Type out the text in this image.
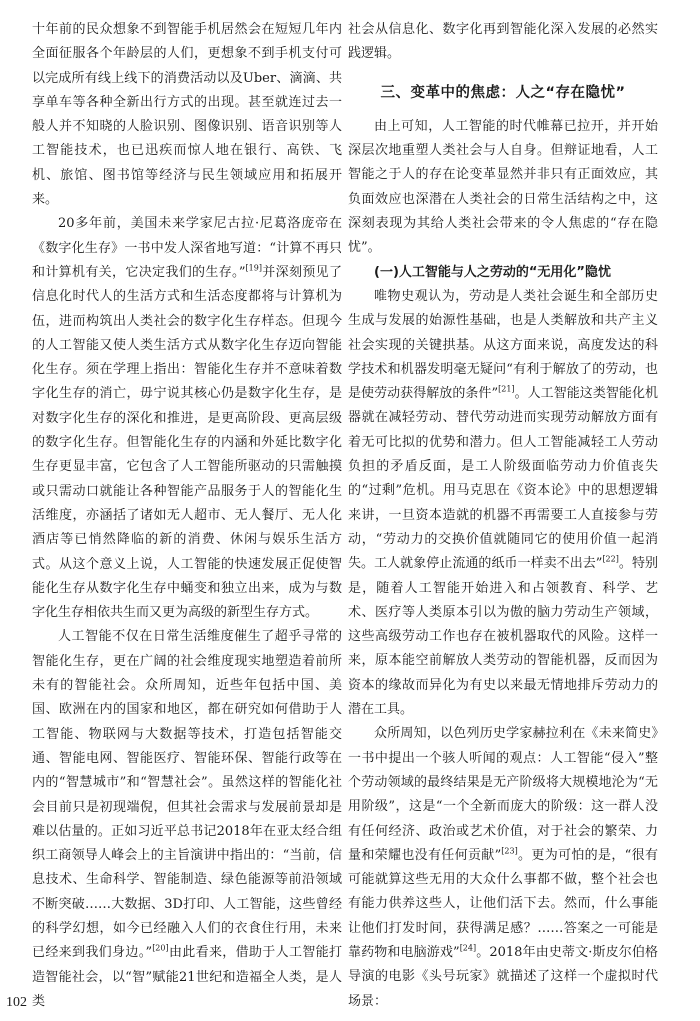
十年前的民众想象不到智能手机居然会在短短几年内全面征服各个年龄层的人们，更想象不到手机支付可以完成所有线上线下的消费活动以及Uber、滴滴、共享单车等各种全新出行方式的出现。甚至就连过去一般人并不知晓的人脸识别、图像识别、语音识别等人工智能技术，也已迅疾而惊人地在银行、高铁、飞机、旅馆、图书馆等经济与民生领域应用和拓展开来。

20多年前，美国未来学家尼古拉·尼葛洛庞帝在《数字化生存》一书中发人深省地写道：“计算不再只和计算机有关，它决定我们的生存。”[19]并深刻预见了信息化时代人的生活方式和生活态度都将与计算机为伍，进而构筑出人类社会的数字化生存样态。但现今的人工智能又使人类生活方式从数字化生存迈向智能化生存。须在学理上指出：智能化生存并不意味着数字化生存的消亡，毋宁说其核心仍是数字化生存，是对数字化生存的深化和推进，是更高阶段、更高层级的数字化生存。但智能化生存的内涵和外延比数字化生存更显丰富，它包含了人工智能所驱动的只需触摸或只需动口就能让各种智能产品服务于人的智能化生活维度，亦涵括了诸如无人超市、无人餐厅、无人化酒店等已悄然降临的新的消费、休闲与娱乐生活方式。从这个意义上说，人工智能的快速发展正促使智能化生存从数字化生存中蛹变和独立出来，成为与数字化生存相依共生而又更为高级的新型生存方式。

人工智能不仅在日常生活维度催生了超乎寻常的智能化生存，更在广阔的社会维度现实地塑造着前所未有的智能社会。众所周知，近些年包括中国、美国、欧洲在内的国家和地区，都在研究如何借助于人工智能、物联网与大数据等技术，打造包括智能交通、智能电网、智能医疗、智能环保、智能行政等在内的“智慧城市”和“智慧社会”。虽然这样的智能化社会目前只是初现端倪，但其社会需求与发展前景却是难以估量的。正如习近平总书记2018年在亚太经合组织工商领导人峰会上的主旨演讲中指出的：“当前，信息技术、生命科学、智能制造、绿色能源等前沿领域不断突破……大数据、3D打印、人工智能，这些曾经的科学幻想，如今已经融入人们的衣食住行用，未来已经来到我们身边。”[20]由此看来，借助于人工智能打造智能社会，以“智”赋能21世纪和造福全人类，是人类

社会从信息化、数字化再到智能化深入发展的必然实践逻辑。

三、变革中的焦虑：人之“存在隐忧”

由上可知，人工智能的时代帷幕已拉开，并开始深层次地重塑人类社会与人自身。但辩证地看，人工智能之于人的存在论变革显然并非只有正面效应，其负面效应也深潜在人类社会的日常生活结构之中，这深刻表现为其给人类社会带来的令人焦虑的“存在隐忧”。

(一)人工智能与人之劳动的“无用化”隐忧

唯物史观认为，劳动是人类社会诞生和全部历史生成与发展的始源性基础，也是人类解放和共产主义社会实现的关键拱基。从这方面来说，高度发达的科学技术和机器发明毫无疑问“有利于解放了的劳动，也是使劳动获得解放的条件”[21]。人工智能这类智能化机器就在减轻劳动、替代劳动进而实现劳动解放方面有着无可比拟的优势和潜力。但人工智能减轻工人劳动负担的矛盾反面，是工人阶级面临劳动力价值丧失的“过剩”危机。用马克思在《资本论》中的思想逻辑来讲，一旦资本造就的机器不再需要工人直接参与劳动，“劳动力的交换价值就随同它的使用价值一起消失。工人就象停止流通的纸币一样卖不出去”[22]。特别是，随着人工智能开始进入和占领教育、科学、艺术、医疗等人类原本引以为傲的脑力劳动生产领域，这些高级劳动工作也存在被机器取代的风险。这样一来，原本能空前解放人类劳动的智能机器，反而因为资本的缘故而异化为有史以来最无情地排斥劳动力的潜在工具。

众所周知，以色列历史学家赫拉利在《未来简史》一书中提出一个骇人听闻的观点：人工智能“侵入”整个劳动领域的最终结果是无产阶级将大规模地沦为“无用阶级”，这是“一个全新而庞大的阶级：这一群人没有任何经济、政治或艺术价值，对于社会的繁荣、力量和荣耀也没有任何贡献”[23]。更为可怕的是，“很有可能就算这些无用的大众什么事都不做，整个社会也有能力供养这些人，让他们活下去。然而，什么事能让他们打发时间，获得满足感？……答案之一可能是靠药物和电脑游戏”[24]。2018年由史蒂文·斯皮尔伯格导演的电影《头号玩家》就描述了这样一个虚拟时代场景：

102
